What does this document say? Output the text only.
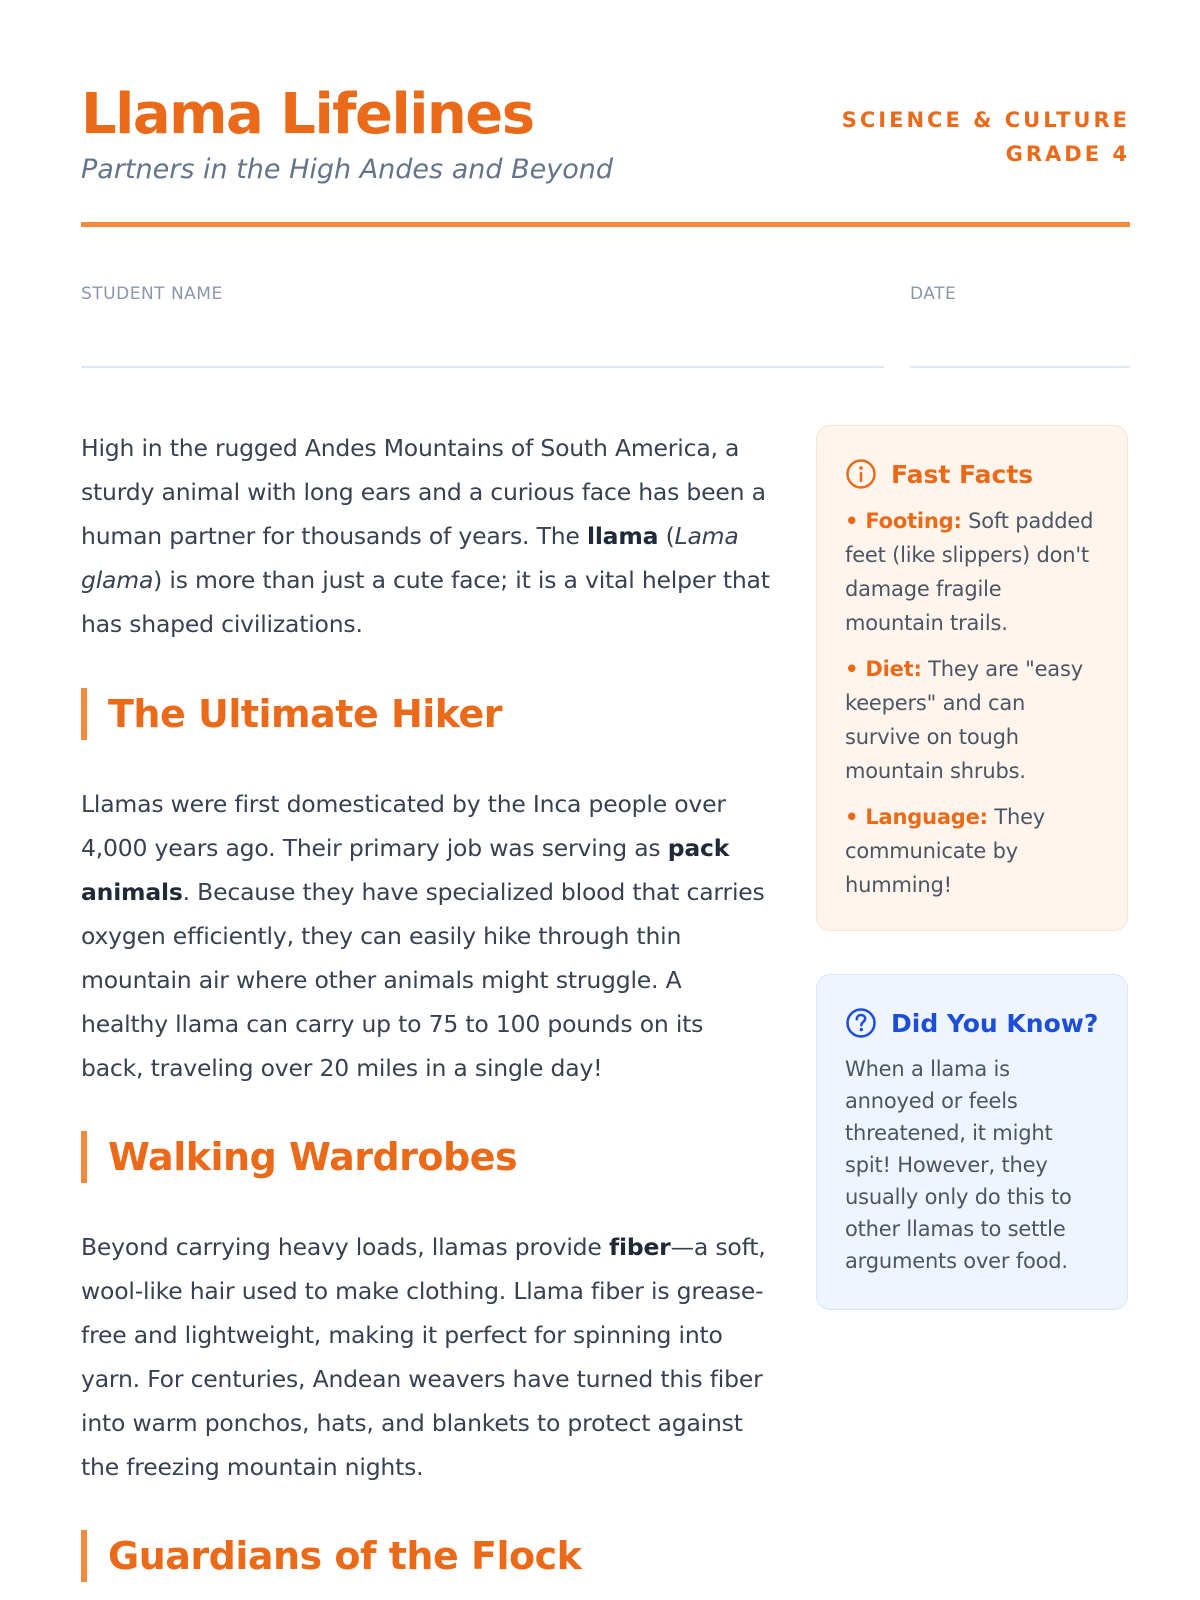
Llama Lifelines
Partners in the High Andes and Beyond
SCIENCE & CULTURE
GRADE 4
STUDENT NAME	DATE

High in the rugged Andes Mountains of South America, a sturdy animal with long ears and a curious face has been a human partner for thousands of years. The llama (Lama glama) is more than just a cute face; it is a vital helper that has shaped civilizations.

The Ultimate Hiker

Llamas were first domesticated by the Inca people over 4,000 years ago. Their primary job was serving as pack animals. Because they have specialized blood that carries oxygen efficiently, they can easily hike through thin mountain air where other animals might struggle. A healthy llama can carry up to 75 to 100 pounds on its back, traveling over 20 miles in a single day!

Walking Wardrobes

Beyond carrying heavy loads, llamas provide fiber—a soft, wool-like hair used to make clothing. Llama fiber is grease-free and lightweight, making it perfect for spinning into yarn. For centuries, Andean weavers have turned this fiber into warm ponchos, hats, and blankets to protect against the freezing mountain nights.

Guardians of the Flock
Fast Facts

• Footing: Soft padded feet (like slippers) don't damage fragile mountain trails.

• Diet: They are "easy keepers" and can survive on tough mountain shrubs.

• Language: They communicate by humming!

Did You Know?

When a llama is annoyed or feels threatened, it might spit! However, they usually only do this to other llamas to settle arguments over food.
